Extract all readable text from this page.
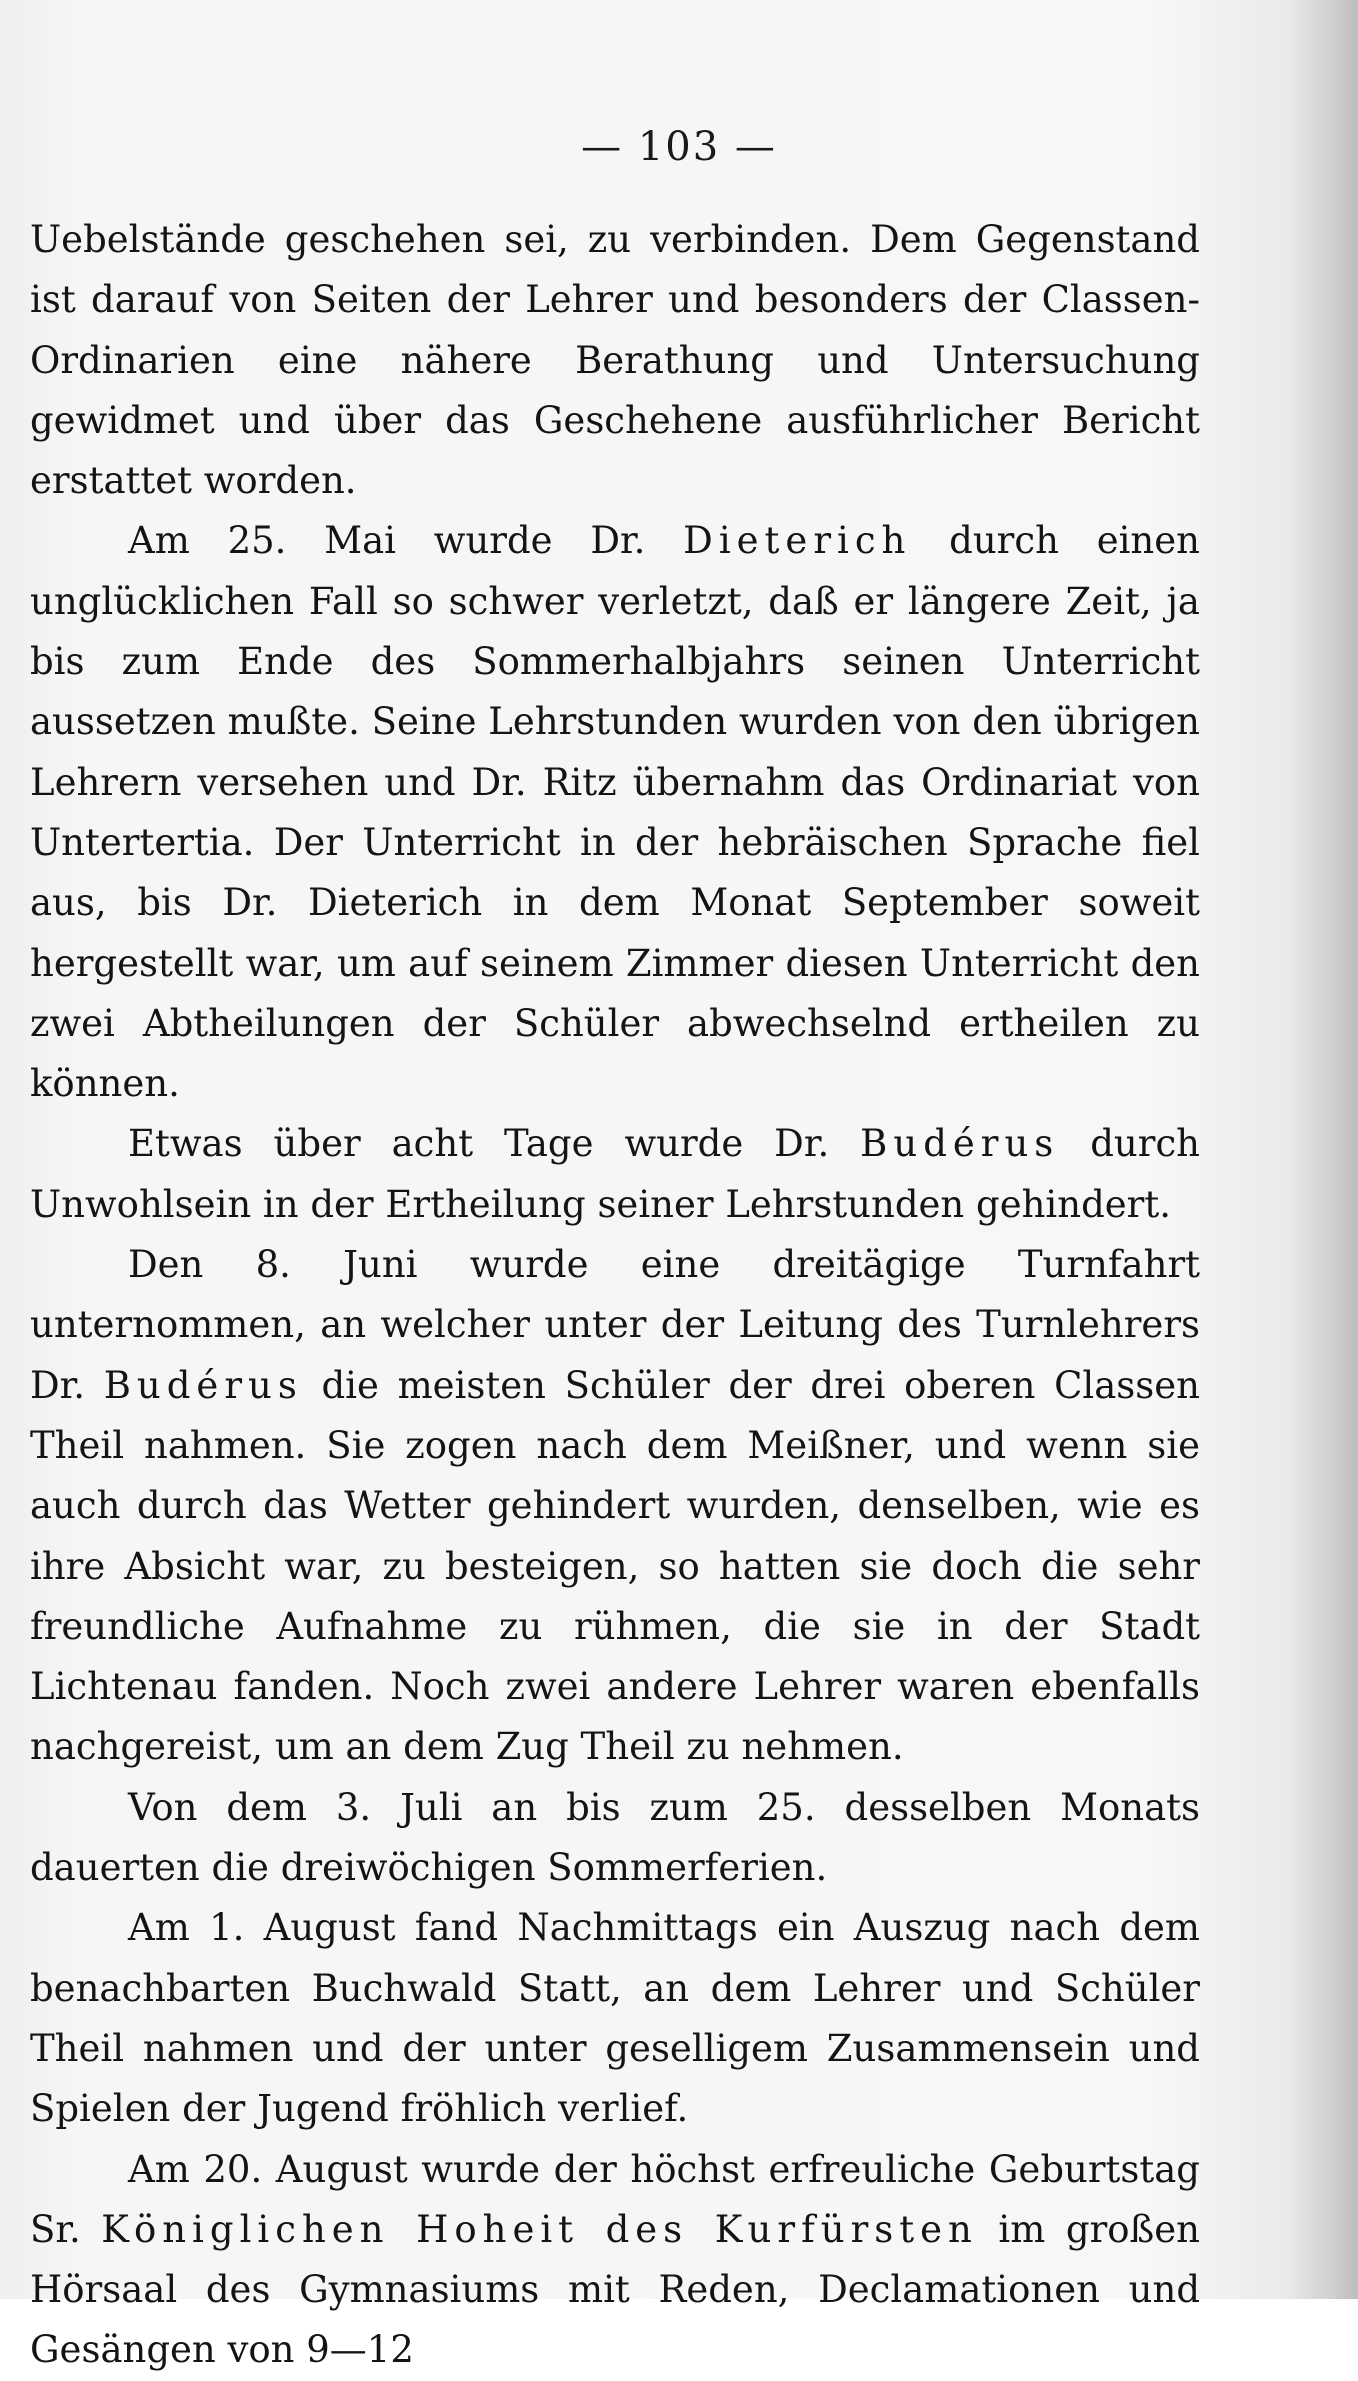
— 103 —

Uebelstände geschehen sei, zu verbinden. Dem Gegenstand ist darauf von Seiten der Lehrer und besonders der Classen-Ordinarien eine nähere Berathung und Untersuchung gewidmet und über das Geschehene ausführlicher Bericht erstattet worden.

Am 25. Mai wurde Dr. Dieterich durch einen unglücklichen Fall so schwer verletzt, daß er längere Zeit, ja bis zum Ende des Sommerhalbjahrs seinen Unterricht aussetzen mußte. Seine Lehrstunden wurden von den übrigen Lehrern versehen und Dr. Ritz übernahm das Ordinariat von Untertertia. Der Unterricht in der hebräischen Sprache fiel aus, bis Dr. Dieterich in dem Monat September soweit hergestellt war, um auf seinem Zimmer diesen Unterricht den zwei Abtheilungen der Schüler abwechselnd ertheilen zu können.

Etwas über acht Tage wurde Dr. Budérus durch Unwohlsein in der Ertheilung seiner Lehrstunden gehindert.

Den 8. Juni wurde eine dreitägige Turnfahrt unternommen, an welcher unter der Leitung des Turnlehrers Dr. Budérus die meisten Schüler der drei oberen Classen Theil nahmen. Sie zogen nach dem Meißner, und wenn sie auch durch das Wetter gehindert wurden, denselben, wie es ihre Absicht war, zu besteigen, so hatten sie doch die sehr freundliche Aufnahme zu rühmen, die sie in der Stadt Lichtenau fanden. Noch zwei andere Lehrer waren ebenfalls nachgereist, um an dem Zug Theil zu nehmen.

Von dem 3. Juli an bis zum 25. desselben Monats dauerten die dreiwöchigen Sommerferien.

Am 1. August fand Nachmittags ein Auszug nach dem benachbarten Buchwald Statt, an dem Lehrer und Schüler Theil nahmen und der unter geselligem Zusammensein und Spielen der Jugend fröhlich verlief.

Am 20. August wurde der höchst erfreuliche Geburtstag Sr. Königlichen Hoheit des Kurfürsten im großen Hörsaal des Gymnasiums mit Reden, Declamationen und Gesängen von 9—12
